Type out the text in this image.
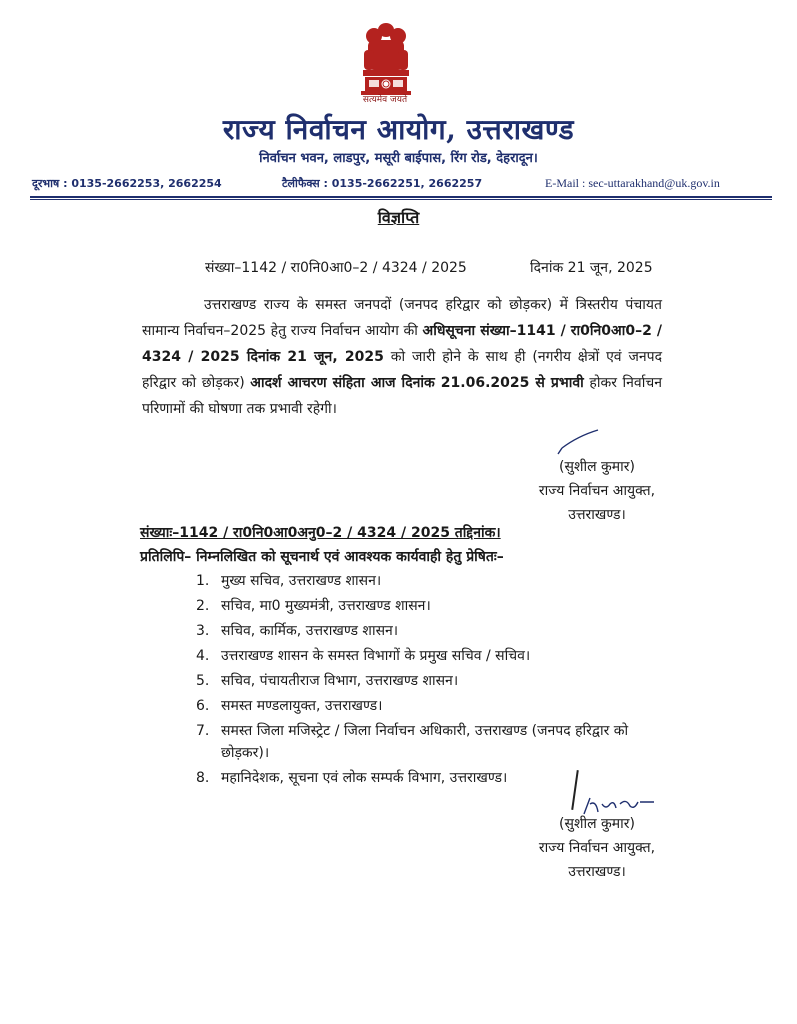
सत्यमेव जयते
राज्य निर्वाचन आयोग, उत्तराखण्ड
निर्वाचन भवन, लाडपुर, मसूरी बाईपास, रिंग रोड, देहरादून।
दूरभाष : 0135-2662253, 2662254	टैलीफैक्स : 0135-2662251, 2662257	E-Mail : sec-uttarakhand@uk.gov.in
विज्ञप्ति
संख्या–1142 / रा0नि0आ0–2 / 4324 / 2025	दिनांक 21 जून, 2025
उत्तराखण्ड राज्य के समस्त जनपदों (जनपद हरिद्वार को छोड़कर) में त्रिस्तरीय पंचायत सामान्य निर्वाचन–2025 हेतु राज्य निर्वाचन आयोग की अधिसूचना संख्या–1141 / रा0नि0आ0–2 / 4324 / 2025 दिनांक 21 जून, 2025 को जारी होने के साथ ही (नगरीय क्षेत्रों एवं जनपद हरिद्वार को छोड़कर) आदर्श आचरण संहिता आज दिनांक 21.06.2025 से प्रभावी होकर निर्वाचन परिणामों की घोषणा तक प्रभावी रहेगी।
(सुशील कुमार)
राज्य निर्वाचन आयुक्त,
उत्तराखण्ड।
संख्याः–1142 / रा0नि0आ0अनु0–2 / 4324 / 2025 तद्दिनांक।
प्रतिलिपि– निम्नलिखित को सूचनार्थ एवं आवश्यक कार्यवाही हेतु प्रेषितः–
1. मुख्य सचिव, उत्तराखण्ड शासन।
2. सचिव, मा0 मुख्यमंत्री, उत्तराखण्ड शासन।
3. सचिव, कार्मिक, उत्तराखण्ड शासन।
4. उत्तराखण्ड शासन के समस्त विभागों के प्रमुख सचिव / सचिव।
5. सचिव, पंचायतीराज विभाग, उत्तराखण्ड शासन।
6. समस्त मण्डलायुक्त, उत्तराखण्ड।
7. समस्त जिला मजिस्ट्रेट / जिला निर्वाचन अधिकारी, उत्तराखण्ड (जनपद हरिद्वार को छोड़कर)।
8. महानिदेशक, सूचना एवं लोक सम्पर्क विभाग, उत्तराखण्ड।
(सुशील कुमार)
राज्य निर्वाचन आयुक्त,
उत्तराखण्ड।
